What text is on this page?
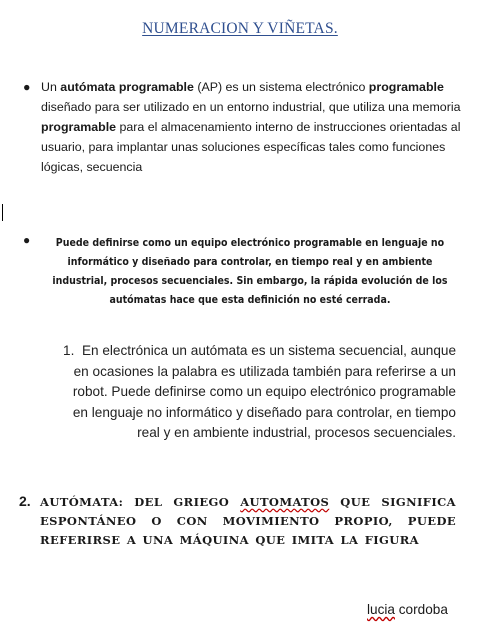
NUMERACION Y VIÑETAS.
● Un autómata programable (AP) es un sistema electrónico programable diseñado para ser utilizado en un entorno industrial, que utiliza una memoria programable para el almacenamiento interno de instrucciones orientadas al usuario, para implantar unas soluciones específicas tales como funciones lógicas, secuencia
●	Puede definirse como un equipo electrónico programable en lenguaje no informático y diseñado para controlar, en tiempo real y en ambiente industrial, procesos secuenciales. Sin embargo, la rápida evolución de los autómatas hace que esta definición no esté cerrada.
1. En electrónica un autómata es un sistema secuencial, aunque en ocasiones la palabra es utilizada también para referirse a un robot. Puede definirse como un equipo electrónico programable en lenguaje no informático y diseñado para controlar, en tiempo real y en ambiente industrial, procesos secuenciales.
2. AUTÓMATA: DEL GRIEGO AUTOMATOS QUE SIGNIFICA ESPONTÁNEO O CON MOVIMIENTO PROPIO, PUEDE REFERIRSE A UNA MÁQUINA QUE IMITA LA FIGURA
lucia cordoba
